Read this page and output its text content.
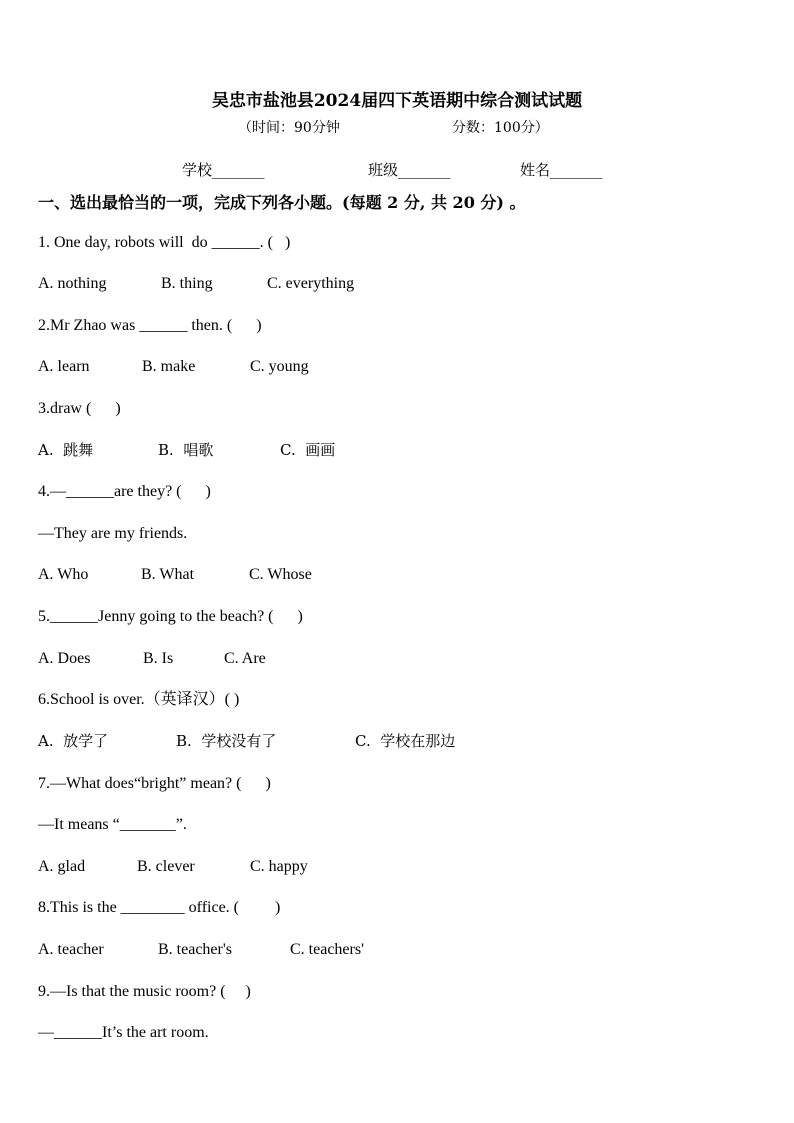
吴忠市盐池县2024届四下英语期中综合测试试题
（时间：90分钟	分数：100分）
学校_______	班级_______	姓名_______
一、选出最恰当的一项，完成下列各小题。(每题 2 分, 共 20 分) 。
1. One day, robots will  do ______. (   )
A. nothing	B. thing	C. everything
2.Mr Zhao was ______ then. (      )
A. learn	B. make	C. young
3.draw (      )
A.  跳舞	B.  唱歌	C.  画画
4.—______are they? (      )
—They are my friends.
A. Who	B. What	C. Whose
5.______Jenny going to the beach? (      )
A. Does	B. Is	C. Are
6.School is over.（英译汉）( )
A.  放学了	B.  学校没有了	C.  学校在那边
7.—What does“bright” mean? (      )
—It means “_______”.
A. glad	B. clever	C. happy
8.This is the ________ office. (         )
A. teacher	B. teacher's	C. teachers'
9.—Is that the music room? (     )
—______It’s the art room.
